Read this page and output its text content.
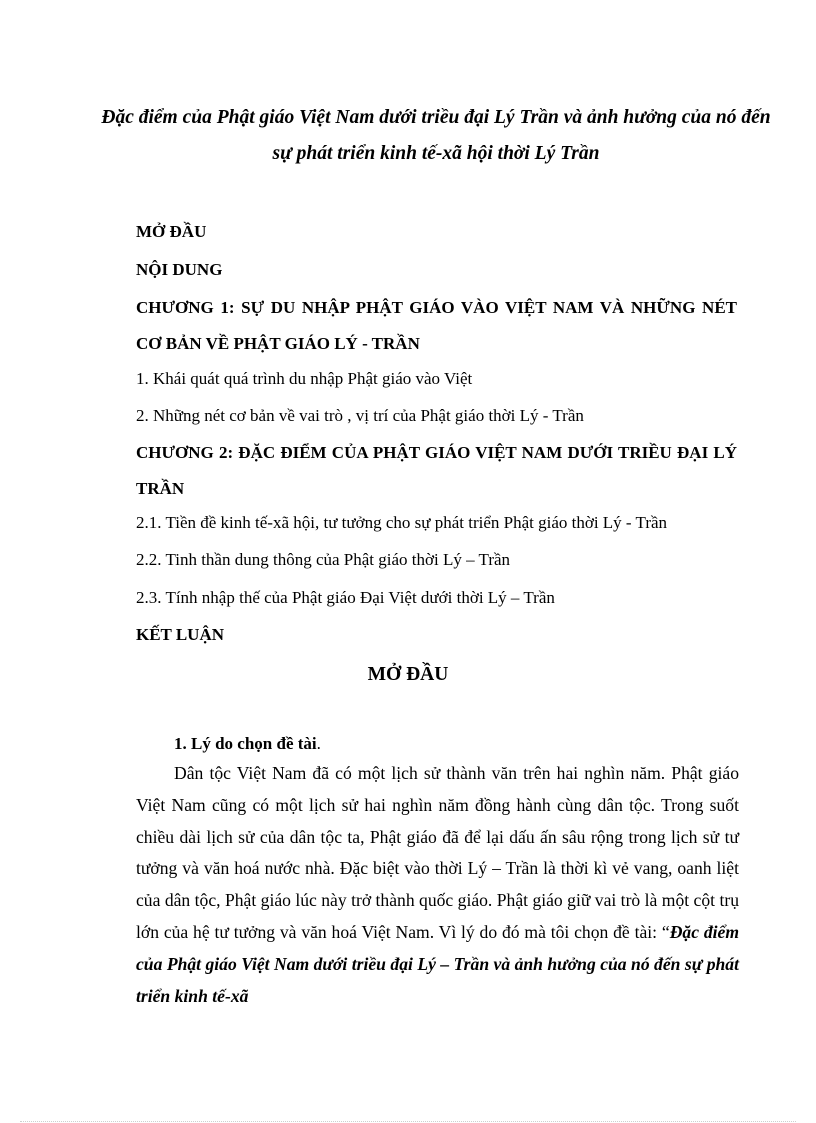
Đặc điểm của Phật giáo Việt Nam dưới triều đại Lý Trần và ảnh hưởng của nó đến sự phát triển kinh tế-xã hội thời Lý Trần
MỞ ĐẦU
NỘI DUNG
CHƯƠNG 1: SỰ DU NHẬP PHẬT GIÁO VÀO VIỆT NAM VÀ NHỮNG NÉT CƠ BẢN VỀ PHẬT GIÁO LÝ - TRẦN
1. Khái quát quá trình du nhập Phật giáo vào Việt
2. Những nét cơ bản về vai trò , vị trí của Phật giáo thời Lý - Trần
CHƯƠNG 2: ĐẶC ĐIỂM CỦA PHẬT GIÁO VIỆT NAM DƯỚI TRIỀU ĐẠI LÝ TRẦN
2.1. Tiền đề kinh tế-xã hội, tư tưởng cho sự phát triển Phật giáo thời Lý - Trần
2.2. Tinh thần dung thông của Phật giáo thời Lý – Trần
2.3. Tính nhập thế của Phật giáo Đại Việt dưới thời Lý – Trần
KẾT LUẬN
MỞ ĐẦU
1. Lý do chọn đề tài.

Dân tộc Việt Nam đã có một lịch sử thành văn trên hai nghìn năm. Phật giáo Việt Nam cũng có một lịch sử hai nghìn năm đồng hành cùng dân tộc. Trong suốt chiều dài lịch sử của dân tộc ta, Phật giáo đã để lại dấu ấn sâu rộng trong lịch sử tư tưởng và văn hoá nước nhà. Đặc biệt vào thời Lý – Trần là thời kì vẻ vang, oanh liệt của dân tộc, Phật giáo lúc này trở thành quốc giáo. Phật giáo giữ vai trò là một cột trụ lớn của hệ tư tưởng và văn hoá Việt Nam. Vì lý do đó mà tôi chọn đề tài: “Đặc điểm của Phật giáo Việt Nam dưới triều đại Lý – Trần và ảnh hưởng của nó đến sự phát triển kinh tế-xã
